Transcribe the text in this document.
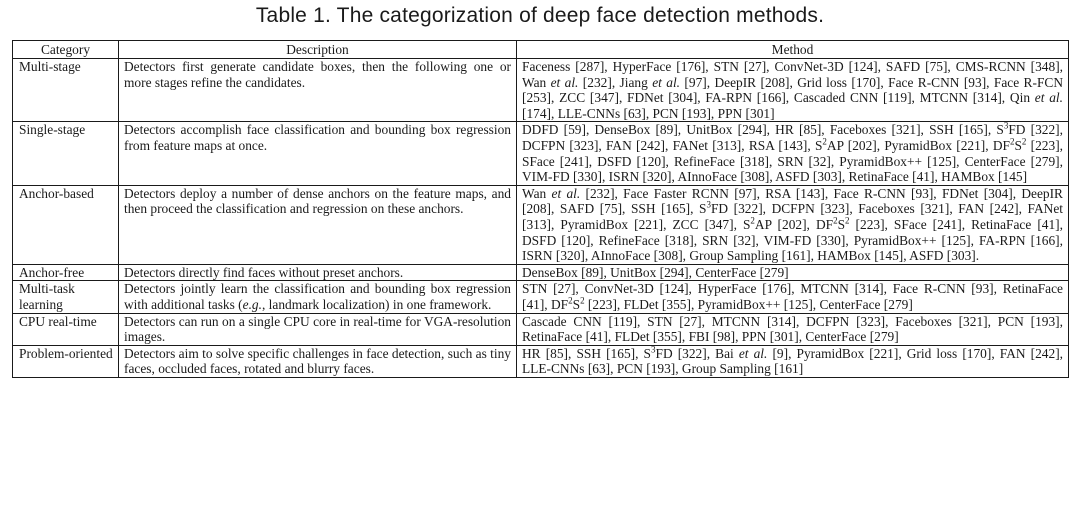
Table 1. The categorization of deep face detection methods.
Category	Description	Method
Multi-stage	Detectors first generate candidate boxes, then the following one or more stages refine the candidates.	Faceness [287], HyperFace [176], STN [27], ConvNet-3D [124], SAFD [75], CMS-RCNN [348], Wan et al. [232], Jiang et al. [97], DeepIR [208], Grid loss [170], Face R-CNN [93], Face R-FCN [253], ZCC [347], FDNet [304], FA-RPN [166], Cascaded CNN [119], MTCNN [314], Qin et al. [174], LLE-CNNs [63], PCN [193], PPN [301]
Single-stage	Detectors accomplish face classification and bounding box regression from feature maps at once.	DDFD [59], DenseBox [89], UnitBox [294], HR [85], Faceboxes [321], SSH [165], $S^3FD$ [322], DCFPN [323], FAN [242], FANet [313], RSA [143], $S^2AP$ [202], PyramidBox [221], $DF^2S^2$ [223], SFace [241], DSFD [120], RefineFace [318], SRN [32], PyramidBox++ [125], CenterFace [279], VIM-FD [330], ISRN [320], AInnoFace [308], ASFD [303], RetinaFace [41], HAMBox [145]
Anchor-based	Detectors deploy a number of dense anchors on the feature maps, and then proceed the classification and regression on these anchors.	Wan et al. [232], Face Faster RCNN [97], RSA [143], Face R-CNN [93], FDNet [304], DeepIR [208], SAFD [75], SSH [165], $S^3FD$ [322], DCFPN [323], Faceboxes [321], FAN [242], FANet [313], PyramidBox [221], ZCC [347], $S^2AP$ [202], $DF^2S^2$ [223], SFace [241], RetinaFace [41], DSFD [120], RefineFace [318], SRN [32], VIM-FD [330], PyramidBox++ [125], FA-RPN [166], ISRN [320], AInnoFace [308], Group Sampling [161], HAMBox [145], ASFD [303].
Anchor-free	Detectors directly find faces without preset anchors.	DenseBox [89], UnitBox [294], CenterFace [279]
Multi-task learning	Detectors jointly learn the classification and bounding box regression with additional tasks (e.g., landmark localization) in one framework.	STN [27], ConvNet-3D [124], HyperFace [176], MTCNN [314], Face R-CNN [93], RetinaFace [41], $DF^2S^2$ [223], FLDet [355], PyramidBox++ [125], CenterFace [279]
CPU real-time	Detectors can run on a single CPU core in real-time for VGA-resolution images.	Cascade CNN [119], STN [27], MTCNN [314], DCFPN [323], Faceboxes [321], PCN [193], RetinaFace [41], FLDet [355], FBI [98], PPN [301], CenterFace [279]
Problem-oriented	Detectors aim to solve specific challenges in face detection, such as tiny faces, occluded faces, rotated and blurry faces.	HR [85], SSH [165], $S^3FD$ [322], Bai et al. [9], PyramidBox [221], Grid loss [170], FAN [242], LLE-CNNs [63], PCN [193], Group Sampling [161]
